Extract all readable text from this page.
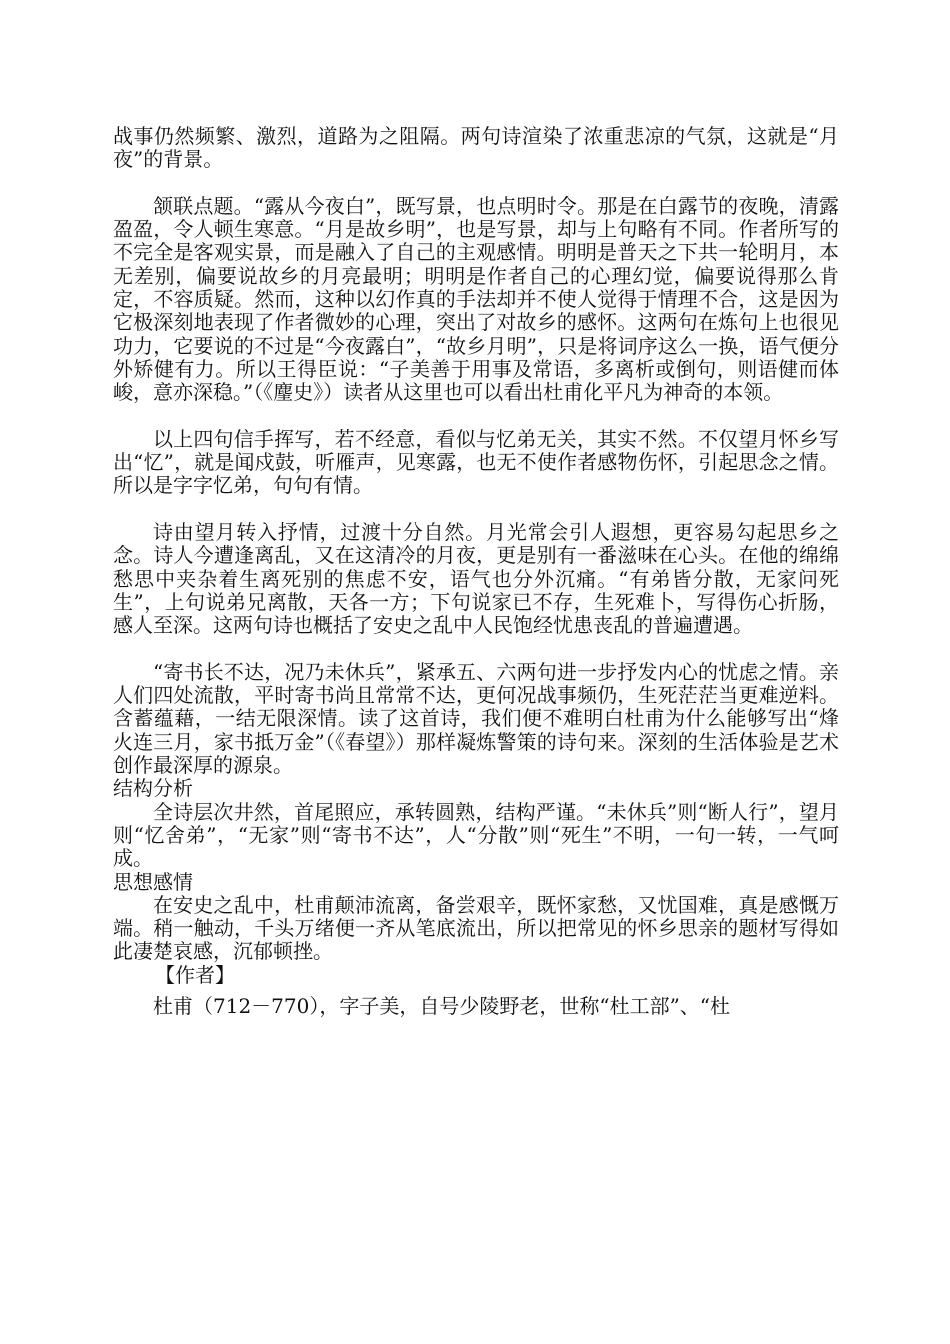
战事仍然频繁、激烈，道路为之阻隔。两句诗渲染了浓重悲凉的气氛，这就是“月夜”的背景。

颔联点题。“露从今夜白”，既写景，也点明时令。那是在白露节的夜晚，清露盈盈，令人顿生寒意。“月是故乡明”，也是写景，却与上句略有不同。作者所写的不完全是客观实景，而是融入了自己的主观感情。明明是普天之下共一轮明月，本无差别，偏要说故乡的月亮最明；明明是作者自己的心理幻觉，偏要说得那么肯定，不容质疑。然而，这种以幻作真的手法却并不使人觉得于情理不合，这是因为它极深刻地表现了作者微妙的心理，突出了对故乡的感怀。这两句在炼句上也很见功力，它要说的不过是“今夜露白”，“故乡月明”，只是将词序这么一换，语气便分外矫健有力。所以王得臣说：“子美善于用事及常语，多离析或倒句，则语健而体峻，意亦深稳。”（《麈史》）读者从这里也可以看出杜甫化平凡为神奇的本领。

以上四句信手挥写，若不经意，看似与忆弟无关，其实不然。不仅望月怀乡写出“忆”，就是闻戍鼓，听雁声，见寒露，也无不使作者感物伤怀，引起思念之情。所以是字字忆弟，句句有情。

诗由望月转入抒情，过渡十分自然。月光常会引人遐想，更容易勾起思乡之念。诗人今遭逢离乱，又在这清冷的月夜，更是别有一番滋味在心头。在他的绵绵愁思中夹杂着生离死别的焦虑不安，语气也分外沉痛。“有弟皆分散，无家问死生”，上句说弟兄离散，天各一方；下句说家已不存，生死难卜，写得伤心折肠，感人至深。这两句诗也概括了安史之乱中人民饱经忧患丧乱的普遍遭遇。

“寄书长不达，况乃未休兵”，紧承五、六两句进一步抒发内心的忧虑之情。亲人们四处流散，平时寄书尚且常常不达，更何况战事频仍，生死茫茫当更难逆料。含蓄蕴藉，一结无限深情。读了这首诗，我们便不难明白杜甫为什么能够写出“烽火连三月，家书抵万金”（《春望》）那样凝炼警策的诗句来。深刻的生活体验是艺术创作最深厚的源泉。

结构分析

全诗层次井然，首尾照应，承转圆熟，结构严谨。“未休兵”则“断人行”，望月则“忆舍弟”，“无家”则“寄书不达”，人“分散”则“死生”不明，一句一转，一气呵成。

思想感情

在安史之乱中，杜甫颠沛流离，备尝艰辛，既怀家愁，又忧国难，真是感慨万端。稍一触动，千头万绪便一齐从笔底流出，所以把常见的怀乡思亲的题材写得如此凄楚哀感，沉郁顿挫。

【作者】

杜甫（712－770），字子美，自号少陵野老，世称“杜工部”、“杜
